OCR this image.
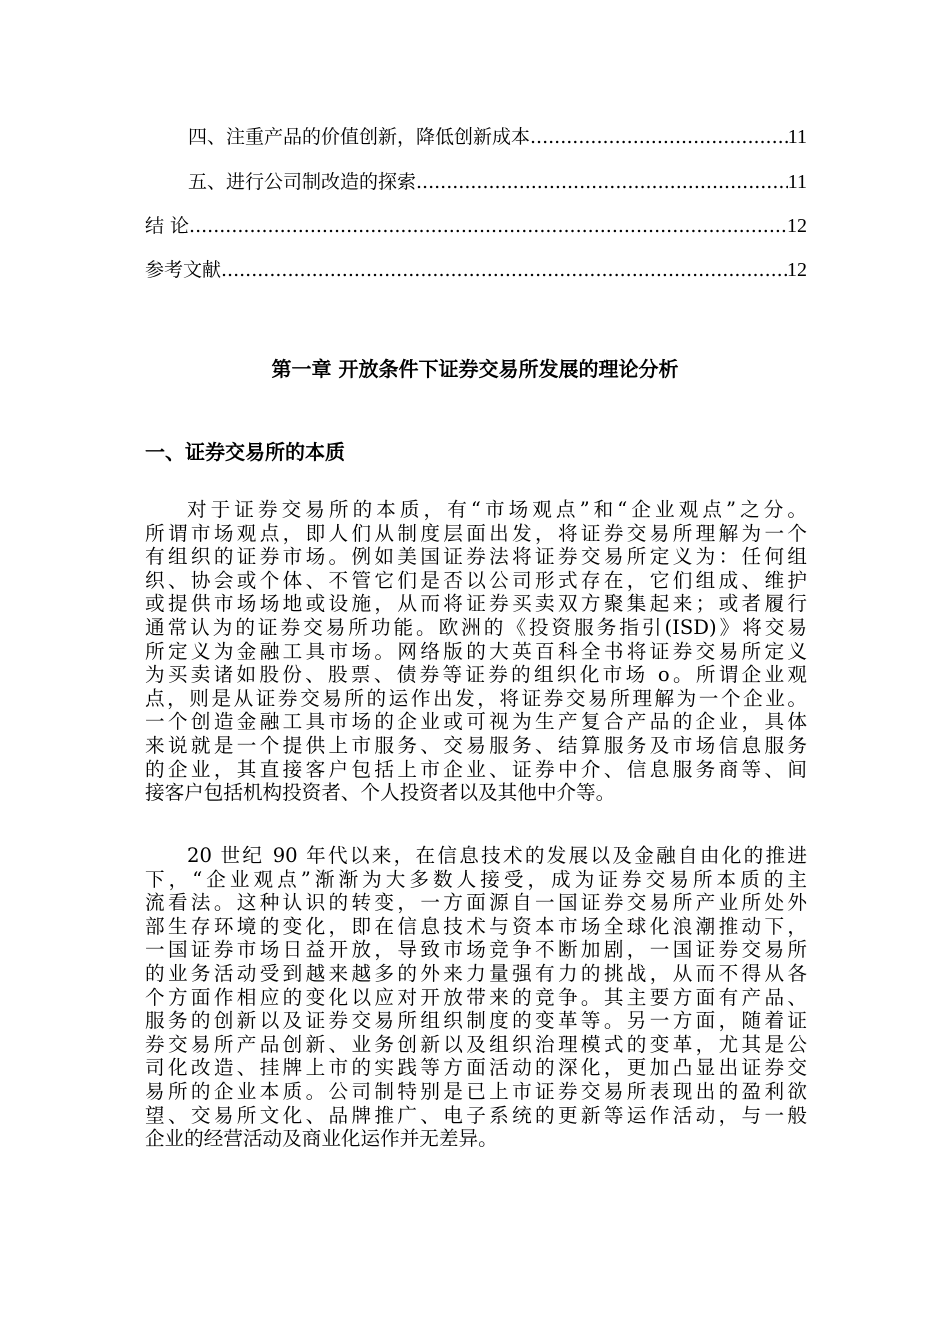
四、注重产品的价值创新，降低创新成本 .....	11
五、进行公司制改造的探索 .....	11
结 论 .....	12
参考文献 .....	12
第一章 开放条件下证券交易所发展的理论分析
一、证券交易所的本质
对于证券交易所的本质，有“市场观点”和“企业观点”之分。
所谓市场观点，即人们从制度层面出发，将证券交易所理解为一个
有组织的证券市场。例如美国证券法将证券交易所定义为：任何组
织、协会或个体、不管它们是否以公司形式存在，它们组成、维护
或提供市场场地或设施，从而将证券买卖双方聚集起来；或者履行
通常认为的证券交易所功能。欧洲的《投资服务指引(ISD)》将交易
所定义为金融工具市场。网络版的大英百科全书将证券交易所定义
为买卖诸如股份、股票、债券等证券的组织化市场 o。所谓企业观
点，则是从证券交易所的运作出发，将证券交易所理解为一个企业。
一个创造金融工具市场的企业或可视为生产复合产品的企业，具体
来说就是一个提供上市服务、交易服务、结算服务及市场信息服务
的企业，其直接客户包括上市企业、证券中介、信息服务商等、间
接客户包括机构投资者、个人投资者以及其他中介等。
20 世纪 90 年代以来，在信息技术的发展以及金融自由化的推进
下，“企业观点”渐渐为大多数人接受，成为证券交易所本质的主
流看法。这种认识的转变，一方面源自一国证券交易所产业所处外
部生存环境的变化，即在信息技术与资本市场全球化浪潮推动下，
一国证券市场日益开放，导致市场竞争不断加剧，一国证券交易所
的业务活动受到越来越多的外来力量强有力的挑战，从而不得从各
个方面作相应的变化以应对开放带来的竞争。其主要方面有产品、
服务的创新以及证券交易所组织制度的变革等。另一方面，随着证
券交易所产品创新、业务创新以及组织治理模式的变革，尤其是公
司化改造、挂牌上市的实践等方面活动的深化，更加凸显出证券交
易所的企业本质。公司制特别是已上市证券交易所表现出的盈利欲
望、交易所文化、品牌推广、电子系统的更新等运作活动，与一般
企业的经营活动及商业化运作并无差异。
